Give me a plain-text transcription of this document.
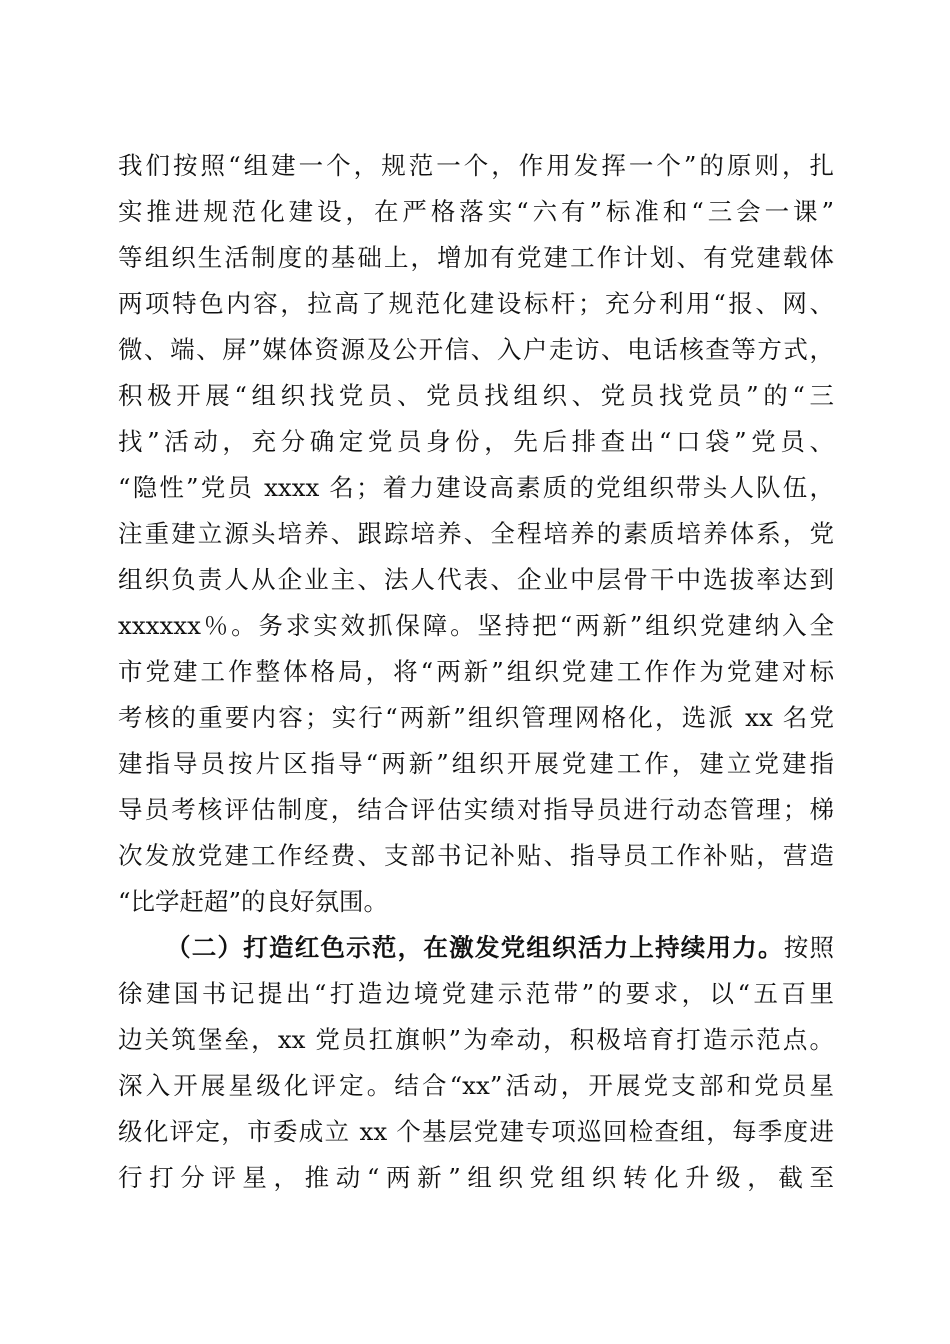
我们按照“组建一个，规范一个，作用发挥一个”的原则，扎
实推进规范化建设，在严格落实“六有”标准和“三会一课”
等组织生活制度的基础上，增加有党建工作计划、有党建载体
两项特色内容，拉高了规范化建设标杆；充分利用“报、网、
微、端、屏”媒体资源及公开信、入户走访、电话核查等方式，
积极开展“组织找党员、党员找组织、党员找党员”的“三
找”活动，充分确定党员身份，先后排查出“口袋”党员、
“隐性”党员 xxxx 名；着力建设高素质的党组织带头人队伍，
注重建立源头培养、跟踪培养、全程培养的素质培养体系，党
组织负责人从企业主、法人代表、企业中层骨干中选拔率达到
xxxxxx％。务求实效抓保障。坚持把“两新”组织党建纳入全
市党建工作整体格局，将“两新”组织党建工作作为党建对标
考核的重要内容；实行“两新”组织管理网格化，选派 xx 名党
建指导员按片区指导“两新”组织开展党建工作，建立党建指
导员考核评估制度，结合评估实绩对指导员进行动态管理；梯
次发放党建工作经费、支部书记补贴、指导员工作补贴，营造
“比学赶超”的良好氛围。
（二）打造红色示范，在激发党组织活力上持续用力。按照
徐建国书记提出“打造边境党建示范带”的要求，以“五百里
边关筑堡垒，xx 党员扛旗帜”为牵动，积极培育打造示范点。
深入开展星级化评定。结合“xx”活动，开展党支部和党员星
级化评定，市委成立 xx 个基层党建专项巡回检查组，每季度进
行打分评星，推动“两新”组织党组织转化升级，截至
